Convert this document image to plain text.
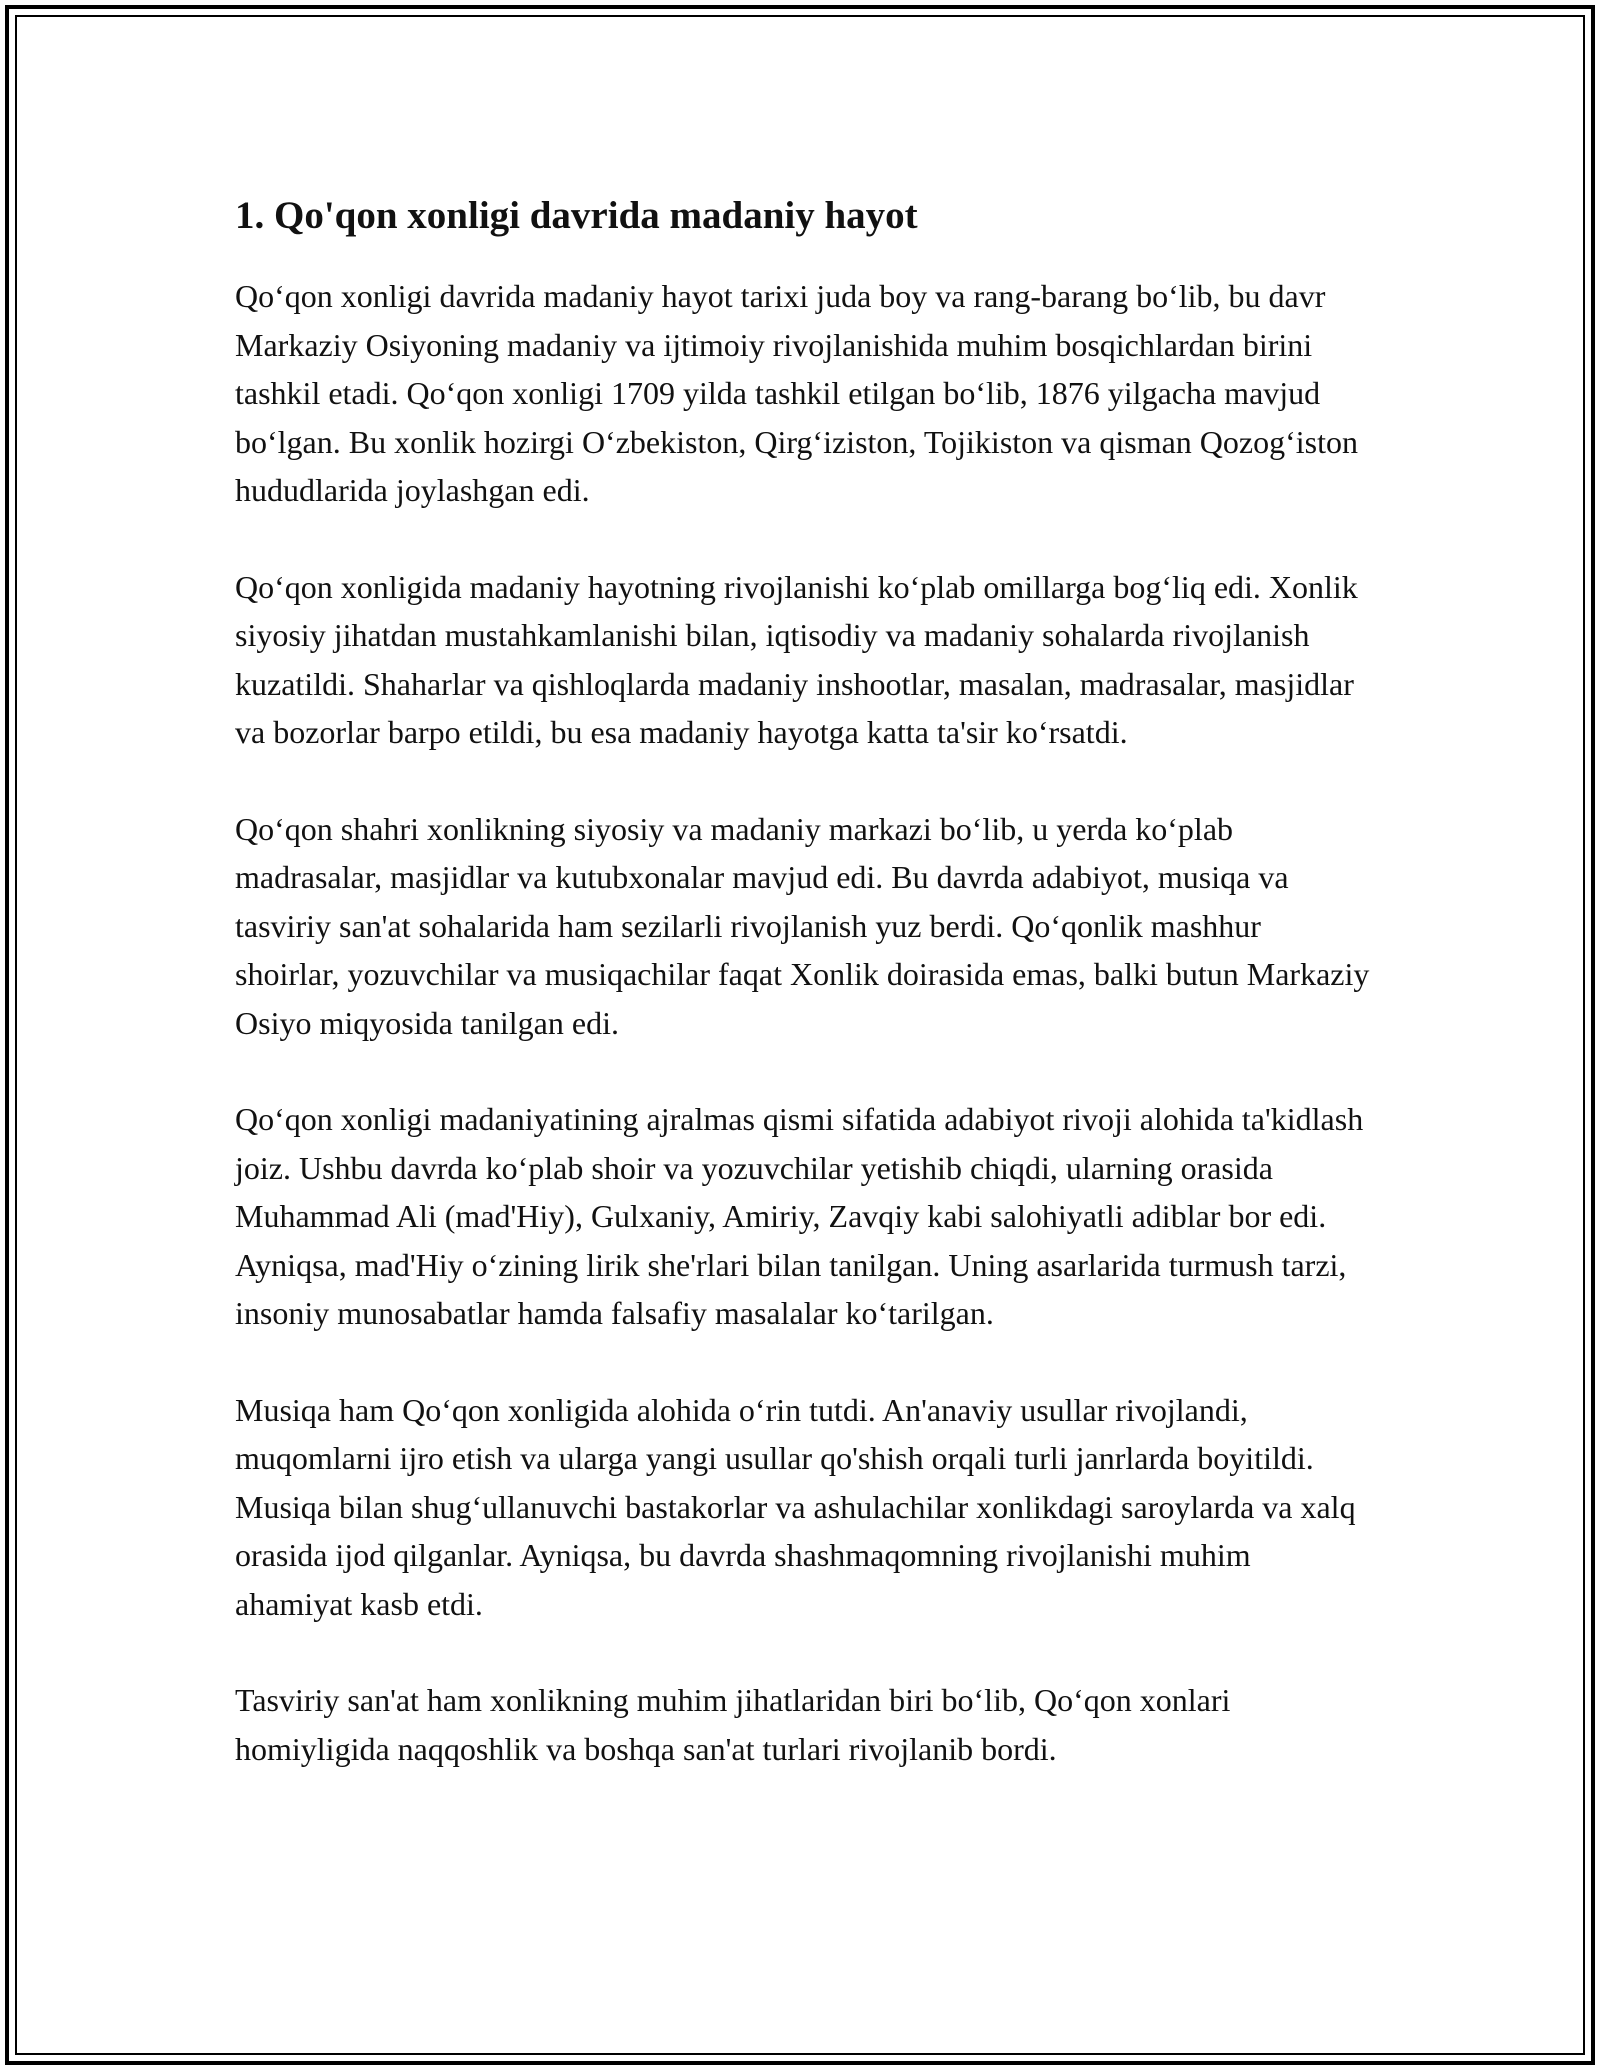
1. Qo'qon xonligi davrida madaniy hayot

Qo‘qon xonligi davrida madaniy hayot tarixi juda boy va rang-barang bo‘lib, bu davr Markaziy Osiyoning madaniy va ijtimoiy rivojlanishida muhim bosqichlardan birini tashkil etadi. Qo‘qon xonligi 1709 yilda tashkil etilgan bo‘lib, 1876 yilgacha mavjud bo‘lgan. Bu xonlik hozirgi O‘zbekiston, Qirg‘iziston, Tojikiston va qisman Qozog‘iston hududlarida joylashgan edi.

Qo‘qon xonligida madaniy hayotning rivojlanishi ko‘plab omillarga bog‘liq edi. Xonlik siyosiy jihatdan mustahkamlanishi bilan, iqtisodiy va madaniy sohalarda rivojlanish kuzatildi. Shaharlar va qishloqlarda madaniy inshootlar, masalan, madrasalar, masjidlar va bozorlar barpo etildi, bu esa madaniy hayotga katta ta'sir ko‘rsatdi.

Qo‘qon shahri xonlikning siyosiy va madaniy markazi bo‘lib, u yerda ko‘plab madrasalar, masjidlar va kutubxonalar mavjud edi. Bu davrda adabiyot, musiqa va tasviriy san'at sohalarida ham sezilarli rivojlanish yuz berdi. Qo‘qonlik mashhur shoirlar, yozuvchilar va musiqachilar faqat Xonlik doirasida emas, balki butun Markaziy Osiyo miqyosida tanilgan edi.

Qo‘qon xonligi madaniyatining ajralmas qismi sifatida adabiyot rivoji alohida ta'kidlash joiz. Ushbu davrda ko‘plab shoir va yozuvchilar yetishib chiqdi, ularning orasida Muhammad Ali (mad'Hiy), Gulxaniy, Amiriy, Zavqiy kabi salohiyatli adiblar bor edi. Ayniqsa, mad'Hiy o‘zining lirik she'rlari bilan tanilgan. Uning asarlarida turmush tarzi, insoniy munosabatlar hamda falsafiy masalalar ko‘tarilgan.

Musiqa ham Qo‘qon xonligida alohida o‘rin tutdi. An'anaviy usullar rivojlandi, muqomlarni ijro etish va ularga yangi usullar qo'shish orqali turli janrlarda boyitildi. Musiqa bilan shug‘ullanuvchi bastakorlar va ashulachilar xonlikdagi saroylarda va xalq orasida ijod qilganlar. Ayniqsa, bu davrda shashmaqomning rivojlanishi muhim ahamiyat kasb etdi.

Tasviriy san'at ham xonlikning muhim jihatlaridan biri bo‘lib, Qo‘qon xonlari homiyligida naqqoshlik va boshqa san'at turlari rivojlanib bordi.
